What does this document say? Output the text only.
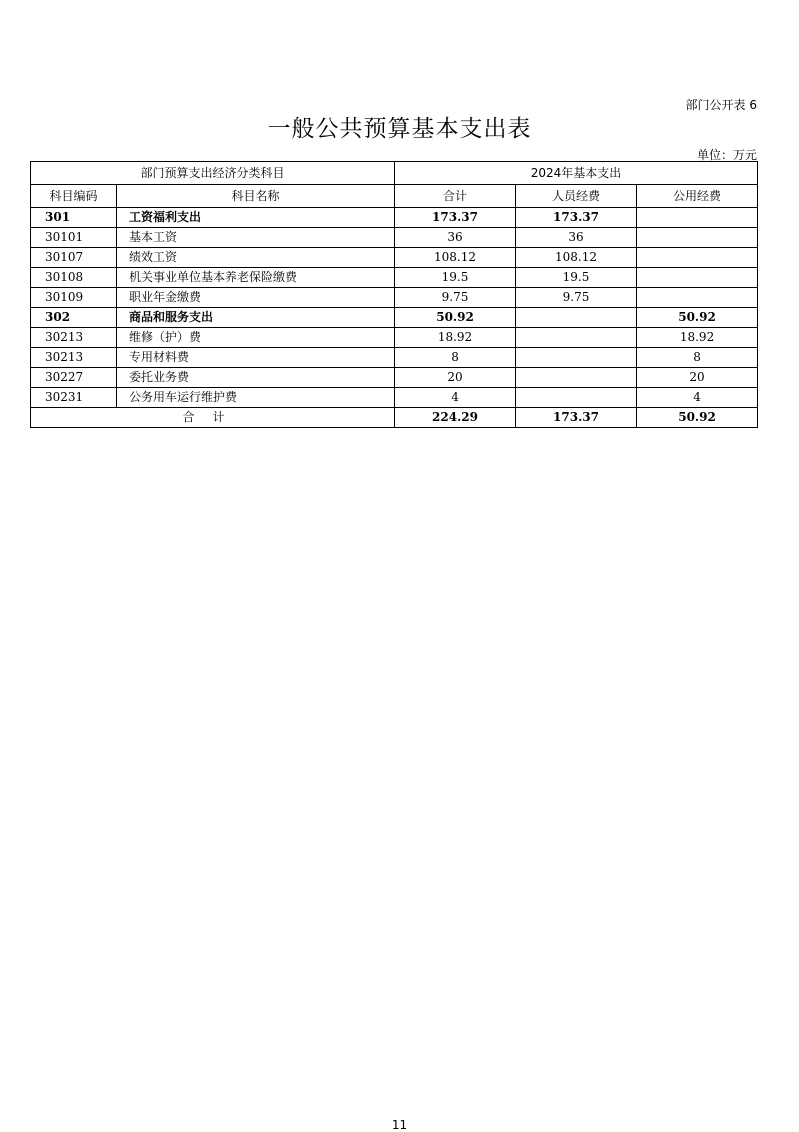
部门公开表 6
一般公共预算基本支出表
单位：万元
部门预算支出经济分类科目		2024年基本支出		
科目编码	科目名称	合计	人员经费	公用经费
301	工资福利支出	173.37	173.37	
30101	基本工资	36	36	
30107	绩效工资	108.12	108.12	
30108	机关事业单位基本养老保险缴费	19.5	19.5	
30109	职业年金缴费	9.75	9.75	
302	商品和服务支出	50.92		50.92
30213	维修（护）费	18.92		18.92
30213	专用材料费	8		8
30227	委托业务费	20		20
30231	公务用车运行维护费	4		4
合计		224.29	173.37	50.92
11
